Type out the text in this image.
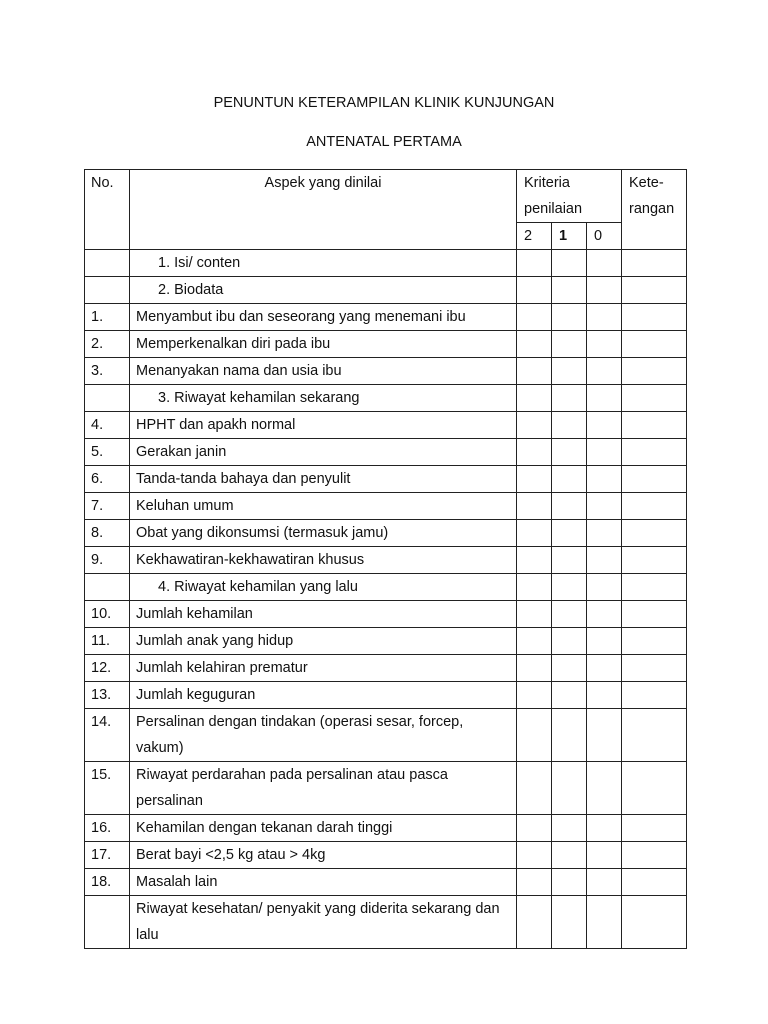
PENUNTUN KETERAMPILAN KLINIK KUNJUNGAN
ANTENATAL PERTAMA
No.	Aspek yang dinilai	Kriteria penilaian			Kete-rangan
		2	1	0	
	1. Isi/ conten				
	2. Biodata				
1.	Menyambut ibu dan seseorang yang menemani ibu				
2.	Memperkenalkan diri pada ibu				
3.	Menanyakan nama dan usia ibu				
	3. Riwayat kehamilan sekarang				
4.	HPHT dan apakh normal				
5.	Gerakan janin				
6.	Tanda-tanda bahaya dan penyulit				
7.	Keluhan umum				
8.	Obat yang dikonsumsi (termasuk jamu)				
9.	Kekhawatiran-kekhawatiran khusus				
	4. Riwayat kehamilan yang lalu				
10.	Jumlah kehamilan				
11.	Jumlah anak yang hidup				
12.	Jumlah kelahiran prematur				
13.	Jumlah keguguran				
14.	Persalinan dengan tindakan (operasi sesar, forcep, vakum)				
15.	Riwayat perdarahan pada persalinan atau pasca persalinan				
16.	Kehamilan dengan tekanan darah tinggi				
17.	Berat bayi <2,5 kg atau > 4kg				
18.	Masalah lain				
	Riwayat kesehatan/ penyakit yang diderita sekarang dan lalu				
